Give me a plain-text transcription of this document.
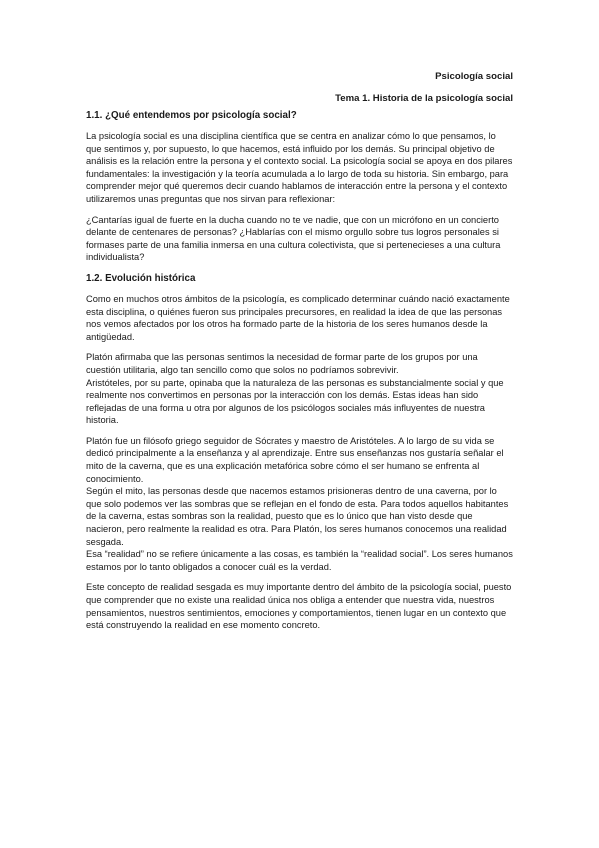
Psicología social
Tema 1. Historia de la psicología social
1.1. ¿Qué entendemos por psicología social?

La psicología social es una disciplina científica que se centra en analizar cómo lo que pensamos, lo que sentimos y, por supuesto, lo que hacemos, está influido por los demás. Su principal objetivo de análisis es la relación entre la persona y el contexto social. La psicología social se apoya en dos pilares fundamentales: la investigación y la teoría acumulada a lo largo de toda su historia. Sin embargo, para comprender mejor qué queremos decir cuando hablamos de interacción entre la persona y el contexto utilizaremos unas preguntas que nos sirvan para reflexionar:

¿Cantarías igual de fuerte en la ducha cuando no te ve nadie, que con un micrófono en un concierto delante de centenares de personas? ¿Hablarías con el mismo orgullo sobre tus logros personales si formases parte de una familia inmersa en una cultura colectivista, que si pertenecieses a una cultura individualista?

1.2. Evolución histórica

Como en muchos otros ámbitos de la psicología, es complicado determinar cuándo nació exactamente esta disciplina, o quiénes fueron sus principales precursores, en realidad la idea de que las personas nos vemos afectados por los otros ha formado parte de la historia de los seres humanos desde la antigüedad.

Platón afirmaba que las personas sentimos la necesidad de formar parte de los grupos por una cuestión utilitaria, algo tan sencillo como que solos no podríamos sobrevivir.

Aristóteles, por su parte, opinaba que la naturaleza de las personas es substancialmente social y que realmente nos convertimos en personas por la interacción con los demás. Estas ideas han sido reflejadas de una forma u otra por algunos de los psicólogos sociales más influyentes de nuestra historia.

Platón fue un filósofo griego seguidor de Sócrates y maestro de Aristóteles. A lo largo de su vida se dedicó principalmente a la enseñanza y al aprendizaje. Entre sus enseñanzas nos gustaría señalar el mito de la caverna, que es una explicación metafórica sobre cómo el ser humano se enfrenta al conocimiento.

Según el mito, las personas desde que nacemos estamos prisioneras dentro de una caverna, por lo que solo podemos ver las sombras que se reflejan en el fondo de esta. Para todos aquellos habitantes de la caverna, estas sombras son la realidad, puesto que es lo único que han visto desde que nacieron, pero realmente la realidad es otra. Para Platón, los seres humanos conocemos una realidad sesgada.

Esa “realidad” no se refiere únicamente a las cosas, es también la “realidad social”. Los seres humanos estamos por lo tanto obligados a conocer cuál es la verdad.

Este concepto de realidad sesgada es muy importante dentro del ámbito de la psicología social, puesto que comprender que no existe una realidad única nos obliga a entender que nuestra vida, nuestros pensamientos, nuestros sentimientos, emociones y comportamientos, tienen lugar en un contexto que está construyendo la realidad en ese momento concreto.
